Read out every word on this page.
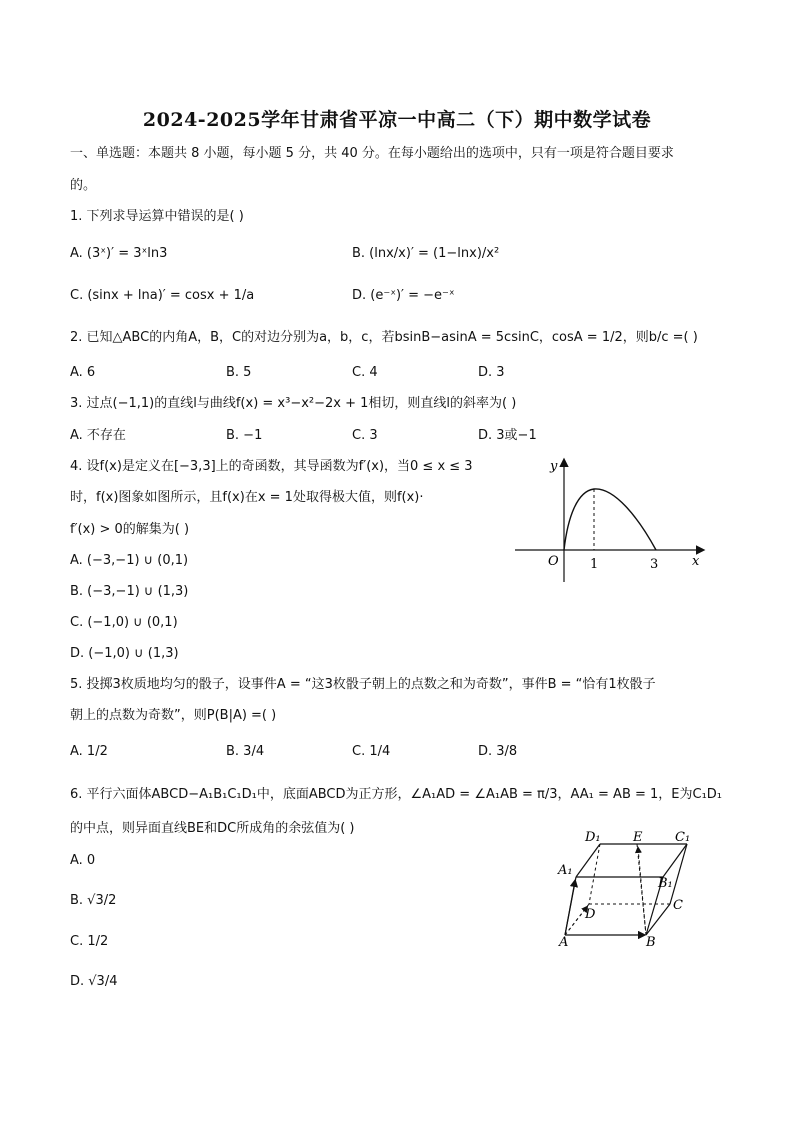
2024-2025学年甘肃省平凉一中高二（下）期中数学试卷
一、单选题：本题共 8 小题，每小题 5 分，共 40 分。在每小题给出的选项中，只有一项是符合题目要求
的。
1. 下列求导运算中错误的是( )
A. (3ˣ)′ = 3ˣln3	B. (lnx/x)′ = (1−lnx)/x²
C. (sinx + lna)′ = cosx + 1/a	D. (e⁻ˣ)′ = −e⁻ˣ
2. 已知△ABC的内角A，B，C的对边分别为a，b，c，若bsinB−asinA = 5csinC，cosA = 1/2，则b/c =( )
A. 6	B. 5	C. 4	D. 3
3. 过点(−1,1)的直线l与曲线f(x) = x³−x²−2x + 1相切，则直线l的斜率为( )
A. 不存在	B. −1	C. 3	D. 3或−1
4. 设f(x)是定义在[−3,3]上的奇函数，其导函数为f′(x)，当0 ≤ x ≤ 3
时，f(x)图象如图所示，且f(x)在x = 1处取得极大值，则f(x)·
f′(x) > 0的解集为( )
A. (−3,−1) ∪ (0,1)
B. (−3,−1) ∪ (1,3)
C. (−1,0) ∪ (0,1)
D. (−1,0) ∪ (1,3)
y
x
O 1	3
5. 投掷3枚质地均匀的骰子，设事件A = “这3枚骰子朝上的点数之和为奇数”，事件B = “恰有1枚骰子
朝上的点数为奇数”，则P(B|A) =( )
A. 1/2	B. 3/4	C. 1/4	D. 3/8
6. 平行六面体ABCD−A₁B₁C₁D₁中，底面ABCD为正方形，∠A₁AD = ∠A₁AB = π/3，AA₁ = AB = 1，E为C₁D₁
的中点，则异面直线BE和DC所成角的余弦值为( )
A. 0
B. √3/2
C. 1/2
D. √3/4
D₁ E	C₁
A₁
B₁
D
C
A	B
